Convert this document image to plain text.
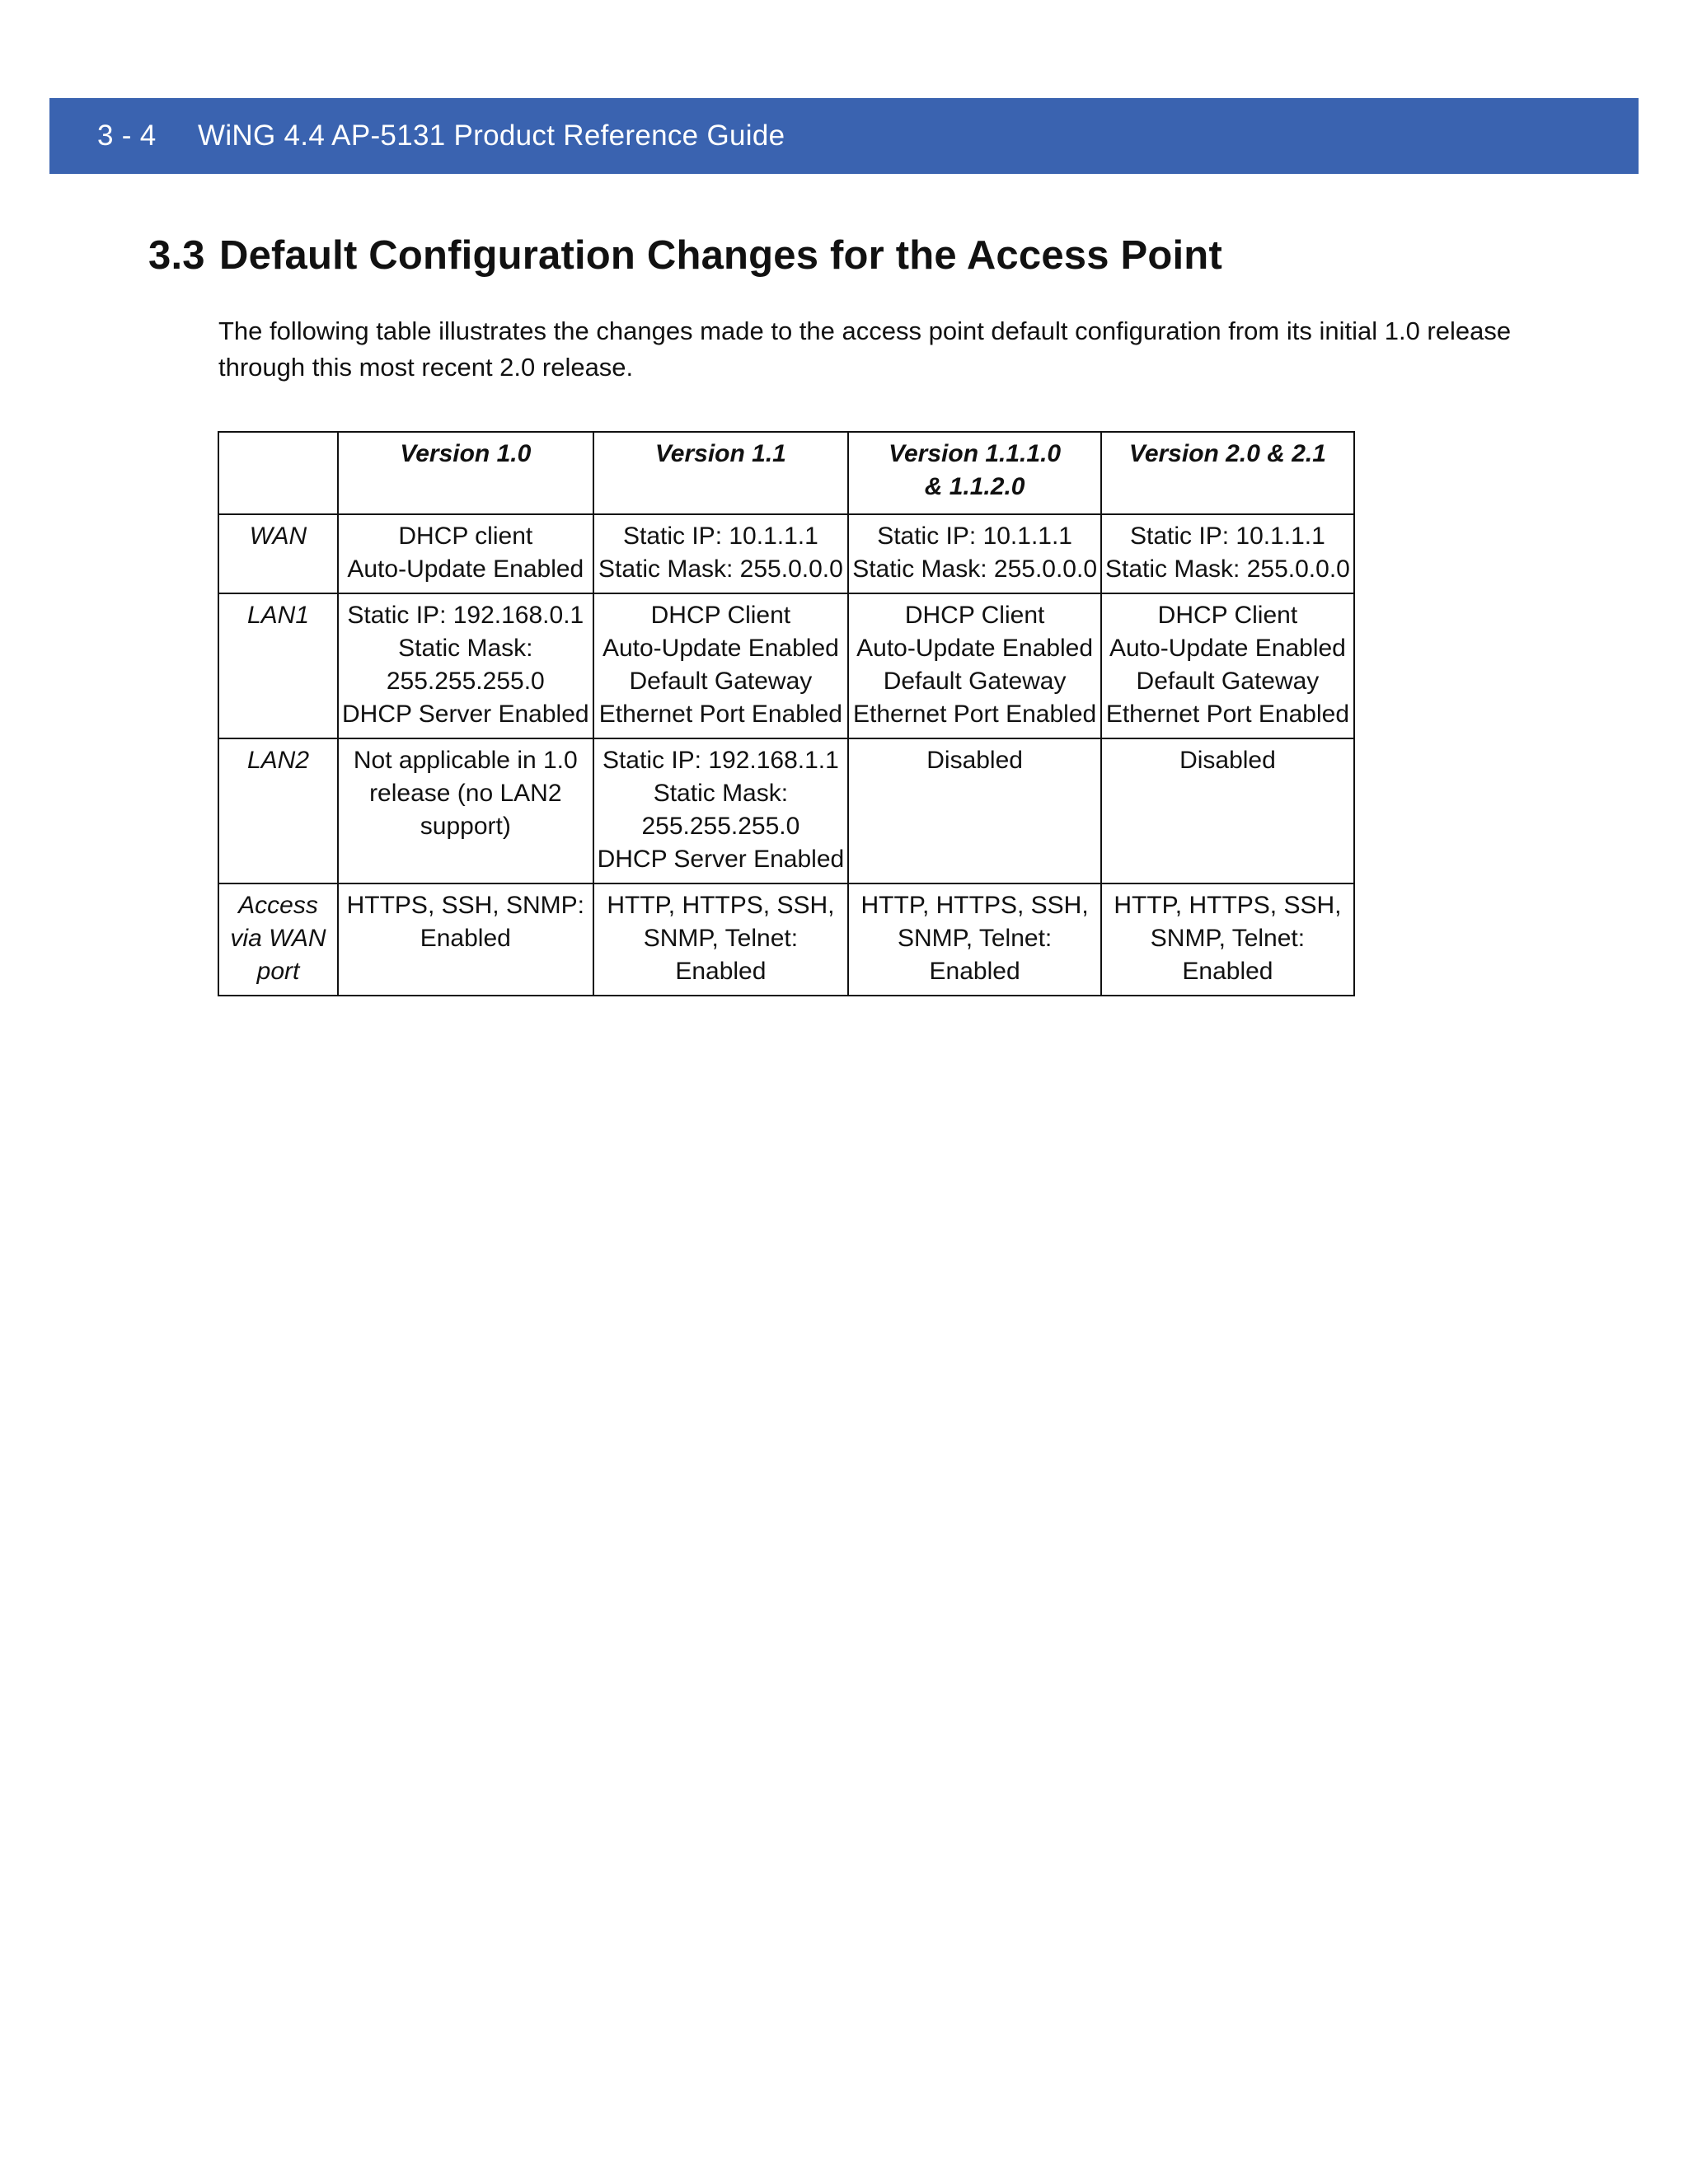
3 - 4 WiNG 4.4 AP-5131 Product Reference Guide
3.3 Default Configuration Changes for the Access Point
The following table illustrates the changes made to the access point default configuration from its initial 1.0 release
through this most recent 2.0 release.

	Version 1.0	Version 1.1	Version 1.1.1.0
& 1.1.2.0	Version 2.0 & 2.1

WAN	DHCP client
Auto-Update Enabled	Static IP: 10.1.1.1
Static Mask: 255.0.0.0	Static IP: 10.1.1.1
Static Mask: 255.0.0.0	Static IP: 10.1.1.1
Static Mask: 255.0.0.0

LAN1	Static IP: 192.168.0.1
Static Mask:
255.255.255.0
DHCP Server Enabled	DHCP Client
Auto-Update Enabled
Default Gateway
Ethernet Port Enabled	DHCP Client
Auto-Update Enabled
Default Gateway
Ethernet Port Enabled	DHCP Client
Auto-Update Enabled
Default Gateway
Ethernet Port Enabled

LAN2	Not applicable in 1.0
release (no LAN2
support)	Static IP: 192.168.1.1
Static Mask:
255.255.255.0
DHCP Server Enabled	Disabled	Disabled

Access
via WAN
port	HTTPS, SSH, SNMP:
Enabled	HTTP, HTTPS, SSH,
SNMP, Telnet:
Enabled	HTTP, HTTPS, SSH,
SNMP, Telnet:
Enabled	HTTP, HTTPS, SSH,
SNMP, Telnet:
Enabled
